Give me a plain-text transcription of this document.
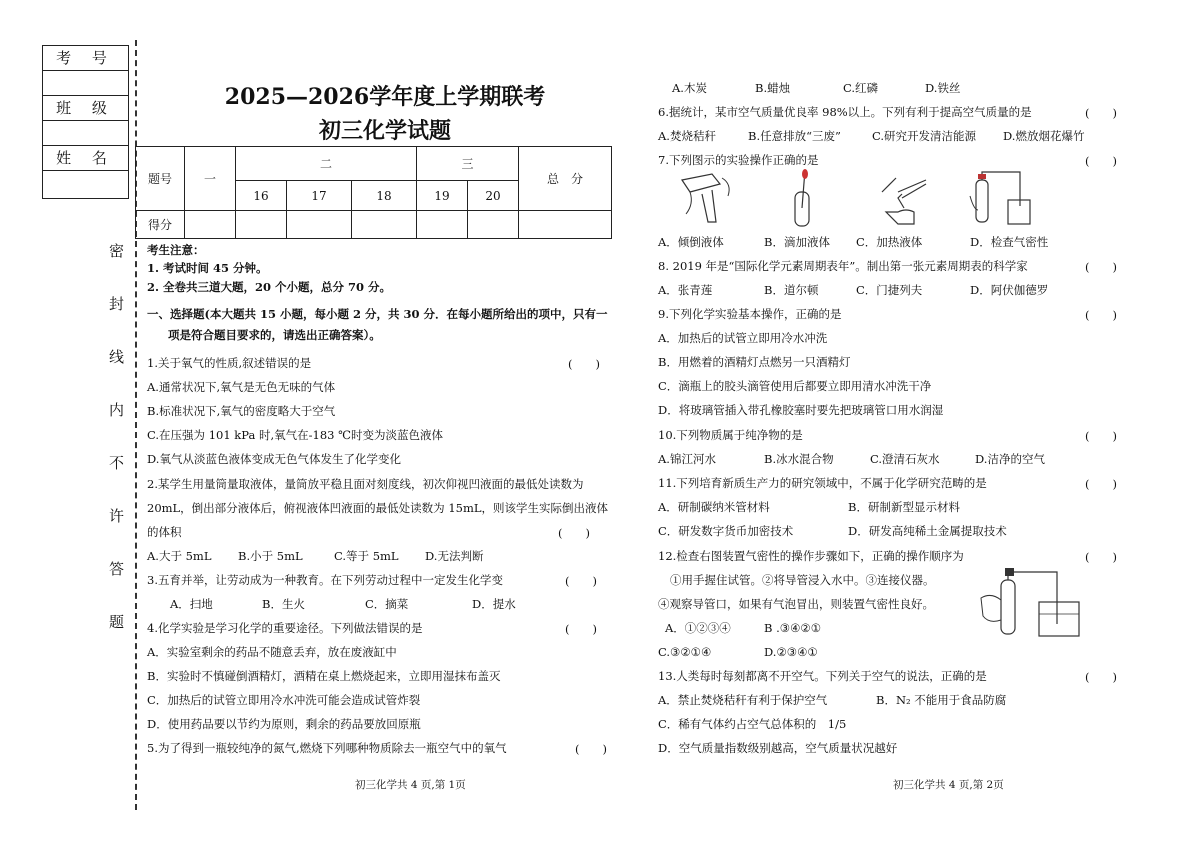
考 号
班 级
姓 名
密
封
线
内
不
许
答
题
2025—2026学年度上学期联考
初三化学试题
题号	一	二			三		总　分
		16	17	18	19	20	
得分							
考生注意：
1. 考试时间 45 分钟。
2. 全卷共三道大题，20 个小题，总分 70 分。
一、选择题(本大题共 15 小题，每小题 2 分，共 30 分．在每小题所给出的项中，只有一
项是符合题目要求的，请选出正确答案）。
1.关于氧气的性质,叙述错误的是	(　　)
A.通常状况下,氧气是无色无味的气体
B.标准状况下,氧气的密度略大于空气
C.在压强为 101 kPa 时,氧气在-183 ℃时变为淡蓝色液体
D.氧气从淡蓝色液体变成无色气体发生了化学变化
2.某学生用量筒量取液体，量筒放平稳且面对刻度线，初次仰视凹液面的最低处读数为
20mL，倒出部分液体后，俯视液体凹液面的最低处读数为 15mL，则该学生实际倒出液体
的体积	(　　)
A.大于 5mL B.小于 5mL	C.等于 5mL D.无法判断
3.五育并举，让劳动成为一种教育。在下列劳动过程中一定发生化学变	(　　)
A．扫地	B．生火	C．摘菜	D．提水
4.化学实验是学习化学的重要途径。下列做法错误的是	(　　)
A．实验室剩余的药品不随意丢弃，放在废液缸中
B．实验时不慎碰倒酒精灯，酒精在桌上燃烧起来，立即用湿抹布盖灭
C．加热后的试管立即用冷水冲洗可能会造成试管炸裂
D．使用药品要以节约为原则，剩余的药品要放回原瓶
5.为了得到一瓶较纯净的氮气,燃烧下列哪种物质除去一瓶空气中的氧气	(　　)
初三化学共 4 页,第 1页
A.木炭	B.蜡烛	C.红磷	D.铁丝
6.据统计，某市空气质量优良率 98%以上。下列有利于提高空气质量的是	(　　)
A.焚烧秸秆	B.任意排放“三废”	C.研究开发清洁能源 D.燃放烟花爆竹
7.下列图示的实验操作正确的是	(　　)
A．倾倒液体	B．滴加液体 C．加热液体	D．检查气密性
8. 2019 年是“国际化学元素周期表年”。制出第一张元素周期表的科学家	(　　)
A．张青莲	B．道尔顿	C．门捷列夫	D．阿伏伽德罗
9.下列化学实验基本操作，正确的是	(　　)
A．加热后的试管立即用冷水冲洗
B．用燃着的酒精灯点燃另一只酒精灯
C．滴瓶上的胶头滴管使用后都要立即用清水冲洗干净
D．将玻璃管插入带孔橡胶塞时要先把玻璃管口用水润湿
10.下列物质属于纯净物的是	(　　)
A.锦江河水	B.冰水混合物	C.澄清石灰水	D.洁净的空气
11.下列培育新质生产力的研究领域中，不属于化学研究范畴的是	(　　)
A．研制碳纳米管材料	B．研制新型显示材料
C．研发数字货币加密技术	D．研发高纯稀土金属提取技术
12.检查右图装置气密性的操作步骤如下，正确的操作顺序为	(　　)
①用手握住试管。②将导管浸入水中。③连接仪器。
④观察导管口，如果有气泡冒出，则装置气密性良好。
A．①②③④	B .③④②①
C.③②①④	D.②③④①
13.人类每时每刻都离不开空气。下列关于空气的说法，正确的是	(　　)
A．禁止焚烧秸秆有利于保护空气	B．N₂ 不能用于食品防腐
C．稀有气体约占空气总体积的　1/5
D．空气质量指数级别越高，空气质量状况越好
初三化学共 4 页,第 2页
